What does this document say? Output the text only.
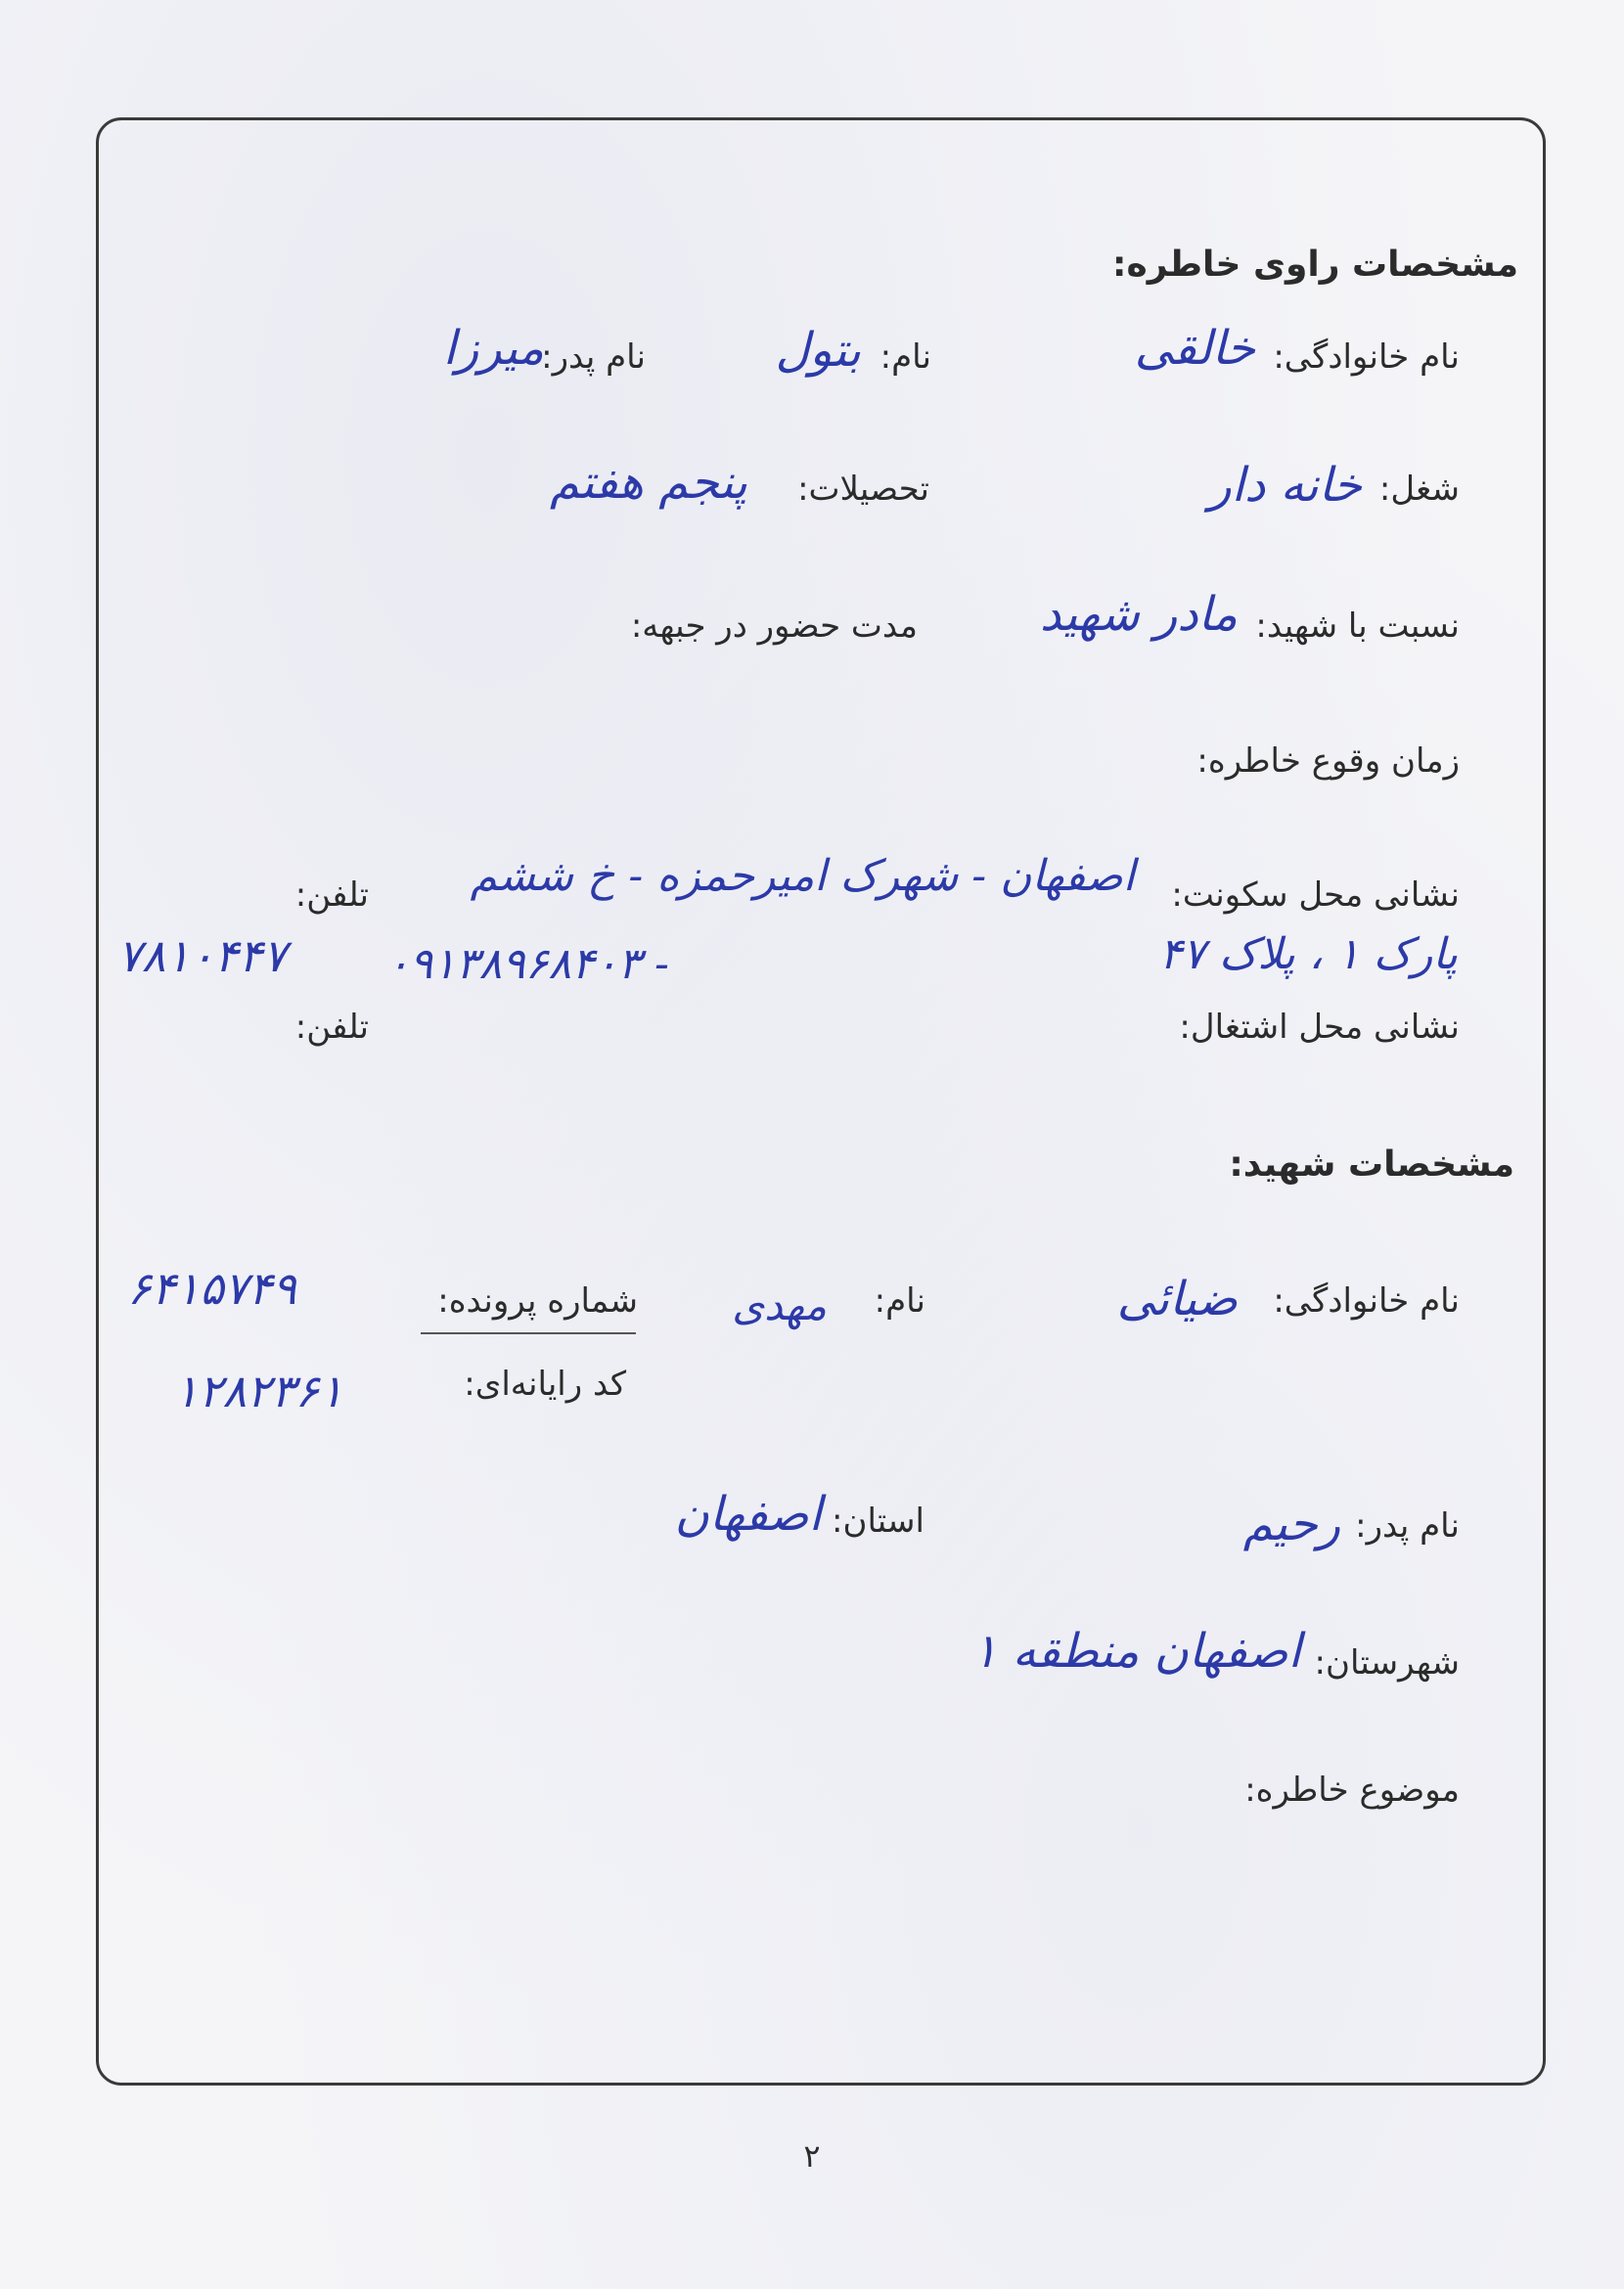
مشخصات راوی خاطره:
نام خانوادگی:
خالقی
نام:
بتول
نام پدر:
میرزا
شغل:
خانه دار
تحصیلات:
پنجم هفتم
نسبت با شهید:
مادر شهید
مدت حضور در جبهه:
زمان وقوع خاطره:
نشانی محل سکونت:
اصفهان - شهرک امیرحمزه - خ ششم
پارک ۱ ، پلاک ۴۷
تلفن:
۷۸۱۰۴۴۷ ۰۹۱۳۸۹۶۸۴۰۳ -
نشانی محل اشتغال:
تلفن:
مشخصات شهید:
نام خانوادگی:
ضیائی
نام:
مهدی
شماره پرونده:
۶۴۱۵۷۴۹
کد رایانه‌ای:
۱۲۸۲۳۶۱
نام پدر:
رحیم
استان:
اصفهان
شهرستان:
اصفهان منطقه ۱
موضوع خاطره:
۲
